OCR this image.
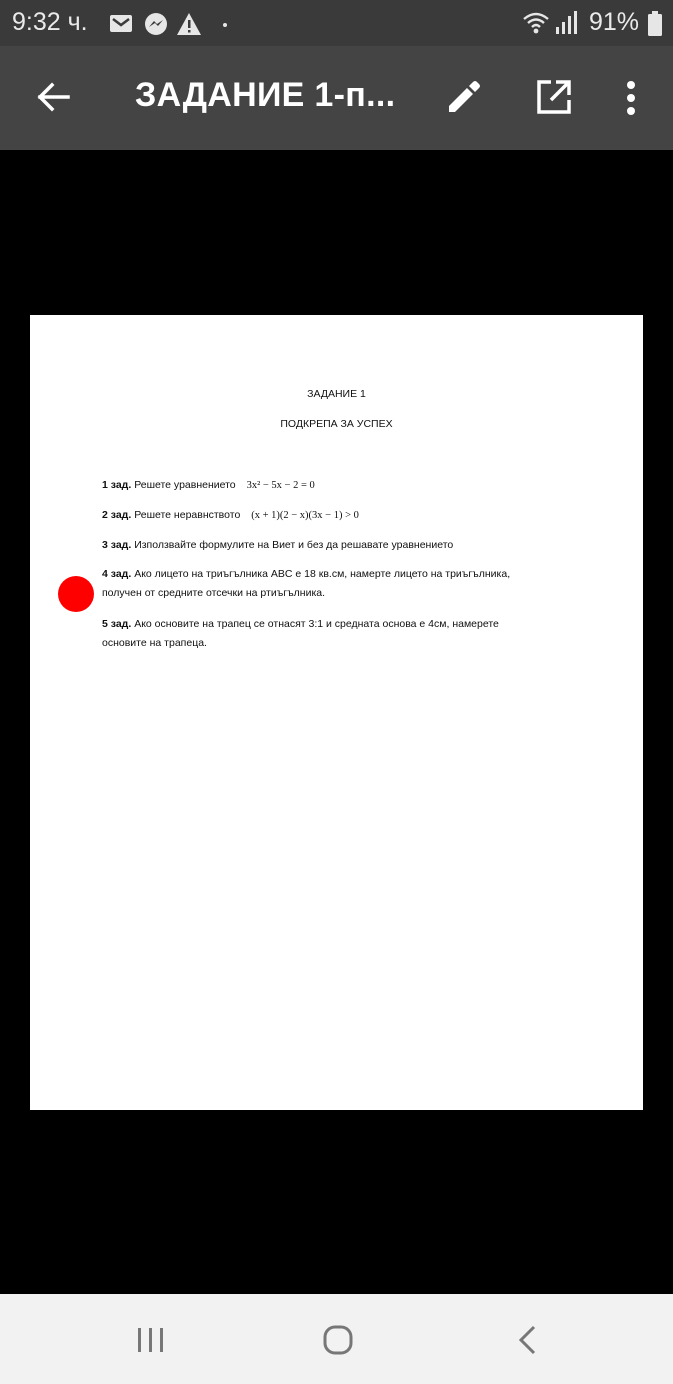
9:32 ч.	91%
ЗАДАНИЕ 1-п...
ЗАДАНИЕ 1
ПОДКРЕПА ЗА УСПЕХ
1 зад. Решете уравнението 3x² − 5x − 2 = 0
2 зад. Решете неравнството (x + 1)(2 − x)(3x − 1) > 0
3 зад. Използвайте формулите на Виет и без да решавате уравнението
4 зад. Ако лицето на триъгълника ABC е 18 кв.см, намерте лицето на триъгълника, получен от средните отсечки на ртиъгълника.
5 зад. Ако основите на трапец се отнасят 3:1 и средната основа е 4см, намерете основите на трапеца.
